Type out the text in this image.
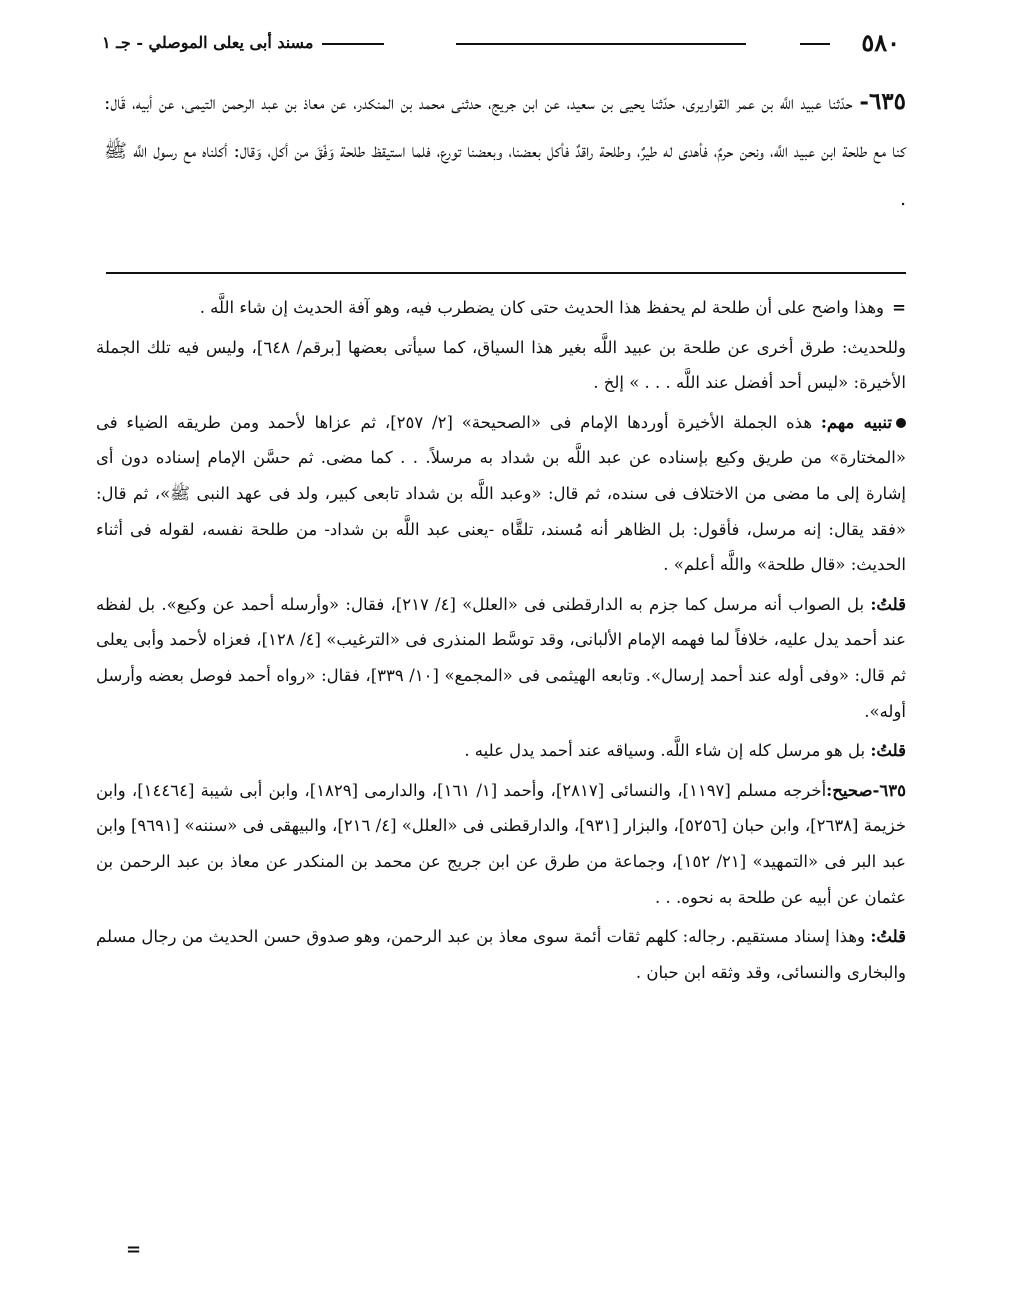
٥٨٠
مسند أبى يعلى الموصلي - جـ ١

٦٣٥- حدّثنا عبيد اللَّه بن عمر القواريرى، حدّثنا يحيى بن سعيد، عن ابن جريج، حدثنى محمد بن المنكدر، عن معاذ بن عبد الرحمن التيمى، عن أبيه، قَال: كنا مع طلحة ابن عبيد اللَّه، ونحن حرمٌ، فأهدى له طيرٌ، وطلحة راقدٌ فأكل بعضنا، وبعضنا تورع، فلما استيقظ طلحة وَفّقَ من أكل، وَقال: أكلناه مع رسول اللَّه ﷺ .

=وهذا واضح على أن طلحة لم يحفظ هذا الحديث حتى كان يضطرب فيه، وهو آفة الحديث إن شاء اللَّه .

وللحديث: طرق أخرى عن طلحة بن عبيد اللَّه بغير هذا السياق، كما سيأتى بعضها [برقم/ ٦٤٨]، وليس فيه تلك الجملة الأخيرة: «ليس أحد أفضل عند اللَّه . . . » إلخ .

تنبيه مهم: هذه الجملة الأخيرة أوردها الإمام فى «الصحيحة» [٢/ ٢٥٧]، ثم عزاها لأحمد ومن طريقه الضياء فى «المختارة» من طريق وكيع بإسناده عن عبد اللَّه بن شداد به مرسلاً. . . كما مضى. ثم حسَّن الإمام إسناده دون أى إشارة إلى ما مضى من الاختلاف فى سنده، ثم قال: «وعبد اللَّه بن شداد تابعى كبير، ولد فى عهد النبى ﷺ»، ثم قال: «فقد يقال: إنه مرسل، فأقول: بل الظاهر أنه مُسند، تلقَّاه -يعنى عبد اللَّه بن شداد- من طلحة نفسه، لقوله فى أثناء الحديث: «قال طلحة» واللَّه أعلم» .

قلتُ: بل الصواب أنه مرسل كما جزم به الدارقطنى فى «العلل» [٤/ ٢١٧]، فقال: «وأرسله أحمد عن وكيع». بل لفظه عند أحمد يدل عليه، خلافاً لما فهمه الإمام الألبانى، وقد توسَّط المنذرى فى «الترغيب» [٤/ ١٢٨]، فعزاه لأحمد وأبى يعلى ثم قال: «وفى أوله عند أحمد إرسال». وتابعه الهيثمى فى «المجمع» [١٠/ ٣٣٩]، فقال: «رواه أحمد فوصل بعضه وأرسل أوله».

قلتُ: بل هو مرسل كله إن شاء اللَّه. وسياقه عند أحمد يدل عليه .

٦٣٥-صحيح:أخرجه مسلم [١١٩٧]، والنسائى [٢٨١٧]، وأحمد [١/ ١٦١]، والدارمى [١٨٢٩]، وابن أبى شيبة [١٤٤٦٤]، وابن خزيمة [٢٦٣٨]، وابن حبان [٥٢٥٦]، والبزار [٩٣١]، والدارقطنى فى «العلل» [٤/ ٢١٦]، والبيهقى فى «سننه» [٩٦٩١] وابن عبد البر فى «التمهيد» [٢١/ ١٥٢]، وجماعة من طرق عن ابن جريج عن محمد بن المنكدر عن معاذ بن عبد الرحمن بن عثمان عن أبيه عن طلحة به نحوه. . .

قلتُ: وهذا إسناد مستقيم. رجاله: كلهم ثقات أئمة سوى معاذ بن عبد الرحمن، وهو صدوق حسن الحديث من رجال مسلم والبخارى والنسائى، وقد وثقه ابن حبان .

=
